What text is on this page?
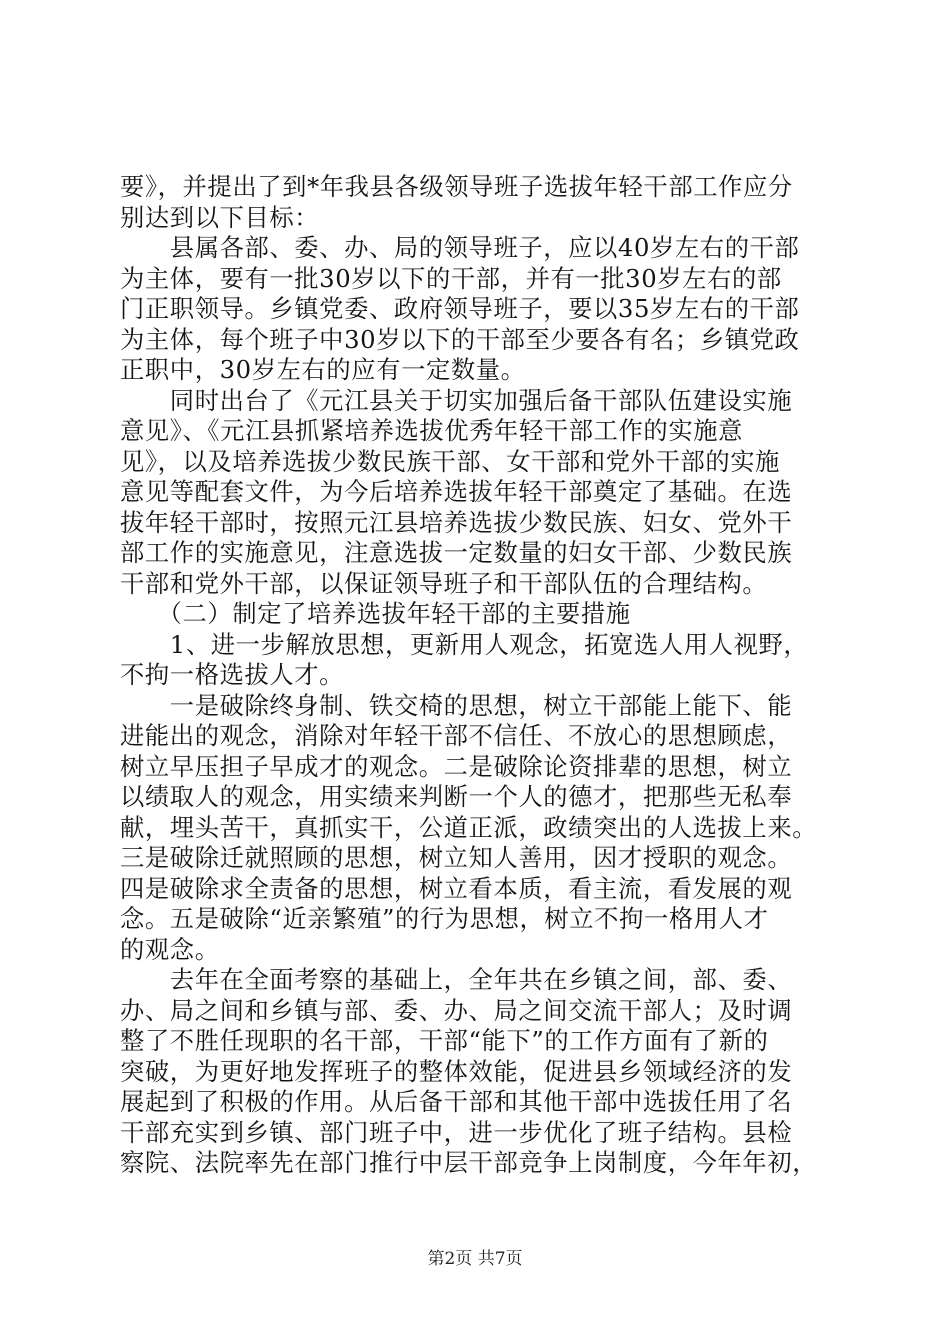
要》，并提出了到*年我县各级领导班子选拔年轻干部工作应分
别达到以下目标：
　　县属各部、委、办、局的领导班子，应以40岁左右的干部
为主体，要有一批30岁以下的干部，并有一批30岁左右的部
门正职领导。乡镇党委、政府领导班子，要以35岁左右的干部
为主体，每个班子中30岁以下的干部至少要各有名；乡镇党政
正职中，30岁左右的应有一定数量。
　　同时出台了《元江县关于切实加强后备干部队伍建设实施
意见》、《元江县抓紧培养选拔优秀年轻干部工作的实施意
见》，以及培养选拔少数民族干部、女干部和党外干部的实施
意见等配套文件，为今后培养选拔年轻干部奠定了基础。在选
拔年轻干部时，按照元江县培养选拔少数民族、妇女、党外干
部工作的实施意见，注意选拔一定数量的妇女干部、少数民族
干部和党外干部，以保证领导班子和干部队伍的合理结构。
　　（二）制定了培养选拔年轻干部的主要措施
　　1、进一步解放思想，更新用人观念，拓宽选人用人视野，
不拘一格选拔人才。
　　一是破除终身制、铁交椅的思想，树立干部能上能下、能
进能出的观念，消除对年轻干部不信任、不放心的思想顾虑，
树立早压担子早成才的观念。二是破除论资排辈的思想，树立
以绩取人的观念，用实绩来判断一个人的德才，把那些无私奉
献，埋头苦干，真抓实干，公道正派，政绩突出的人选拔上来。
三是破除迁就照顾的思想，树立知人善用，因才授职的观念。
四是破除求全责备的思想，树立看本质，看主流，看发展的观
念。五是破除“近亲繁殖”的行为思想，树立不拘一格用人才
的观念。
　　去年在全面考察的基础上，全年共在乡镇之间，部、委、
办、局之间和乡镇与部、委、办、局之间交流干部人；及时调
整了不胜任现职的名干部，干部“能下”的工作方面有了新的
突破，为更好地发挥班子的整体效能，促进县乡领域经济的发
展起到了积极的作用。从后备干部和其他干部中选拔任用了名
干部充实到乡镇、部门班子中，进一步优化了班子结构。县检
察院、法院率先在部门推行中层干部竞争上岗制度，今年年初，
第2页 共7页
